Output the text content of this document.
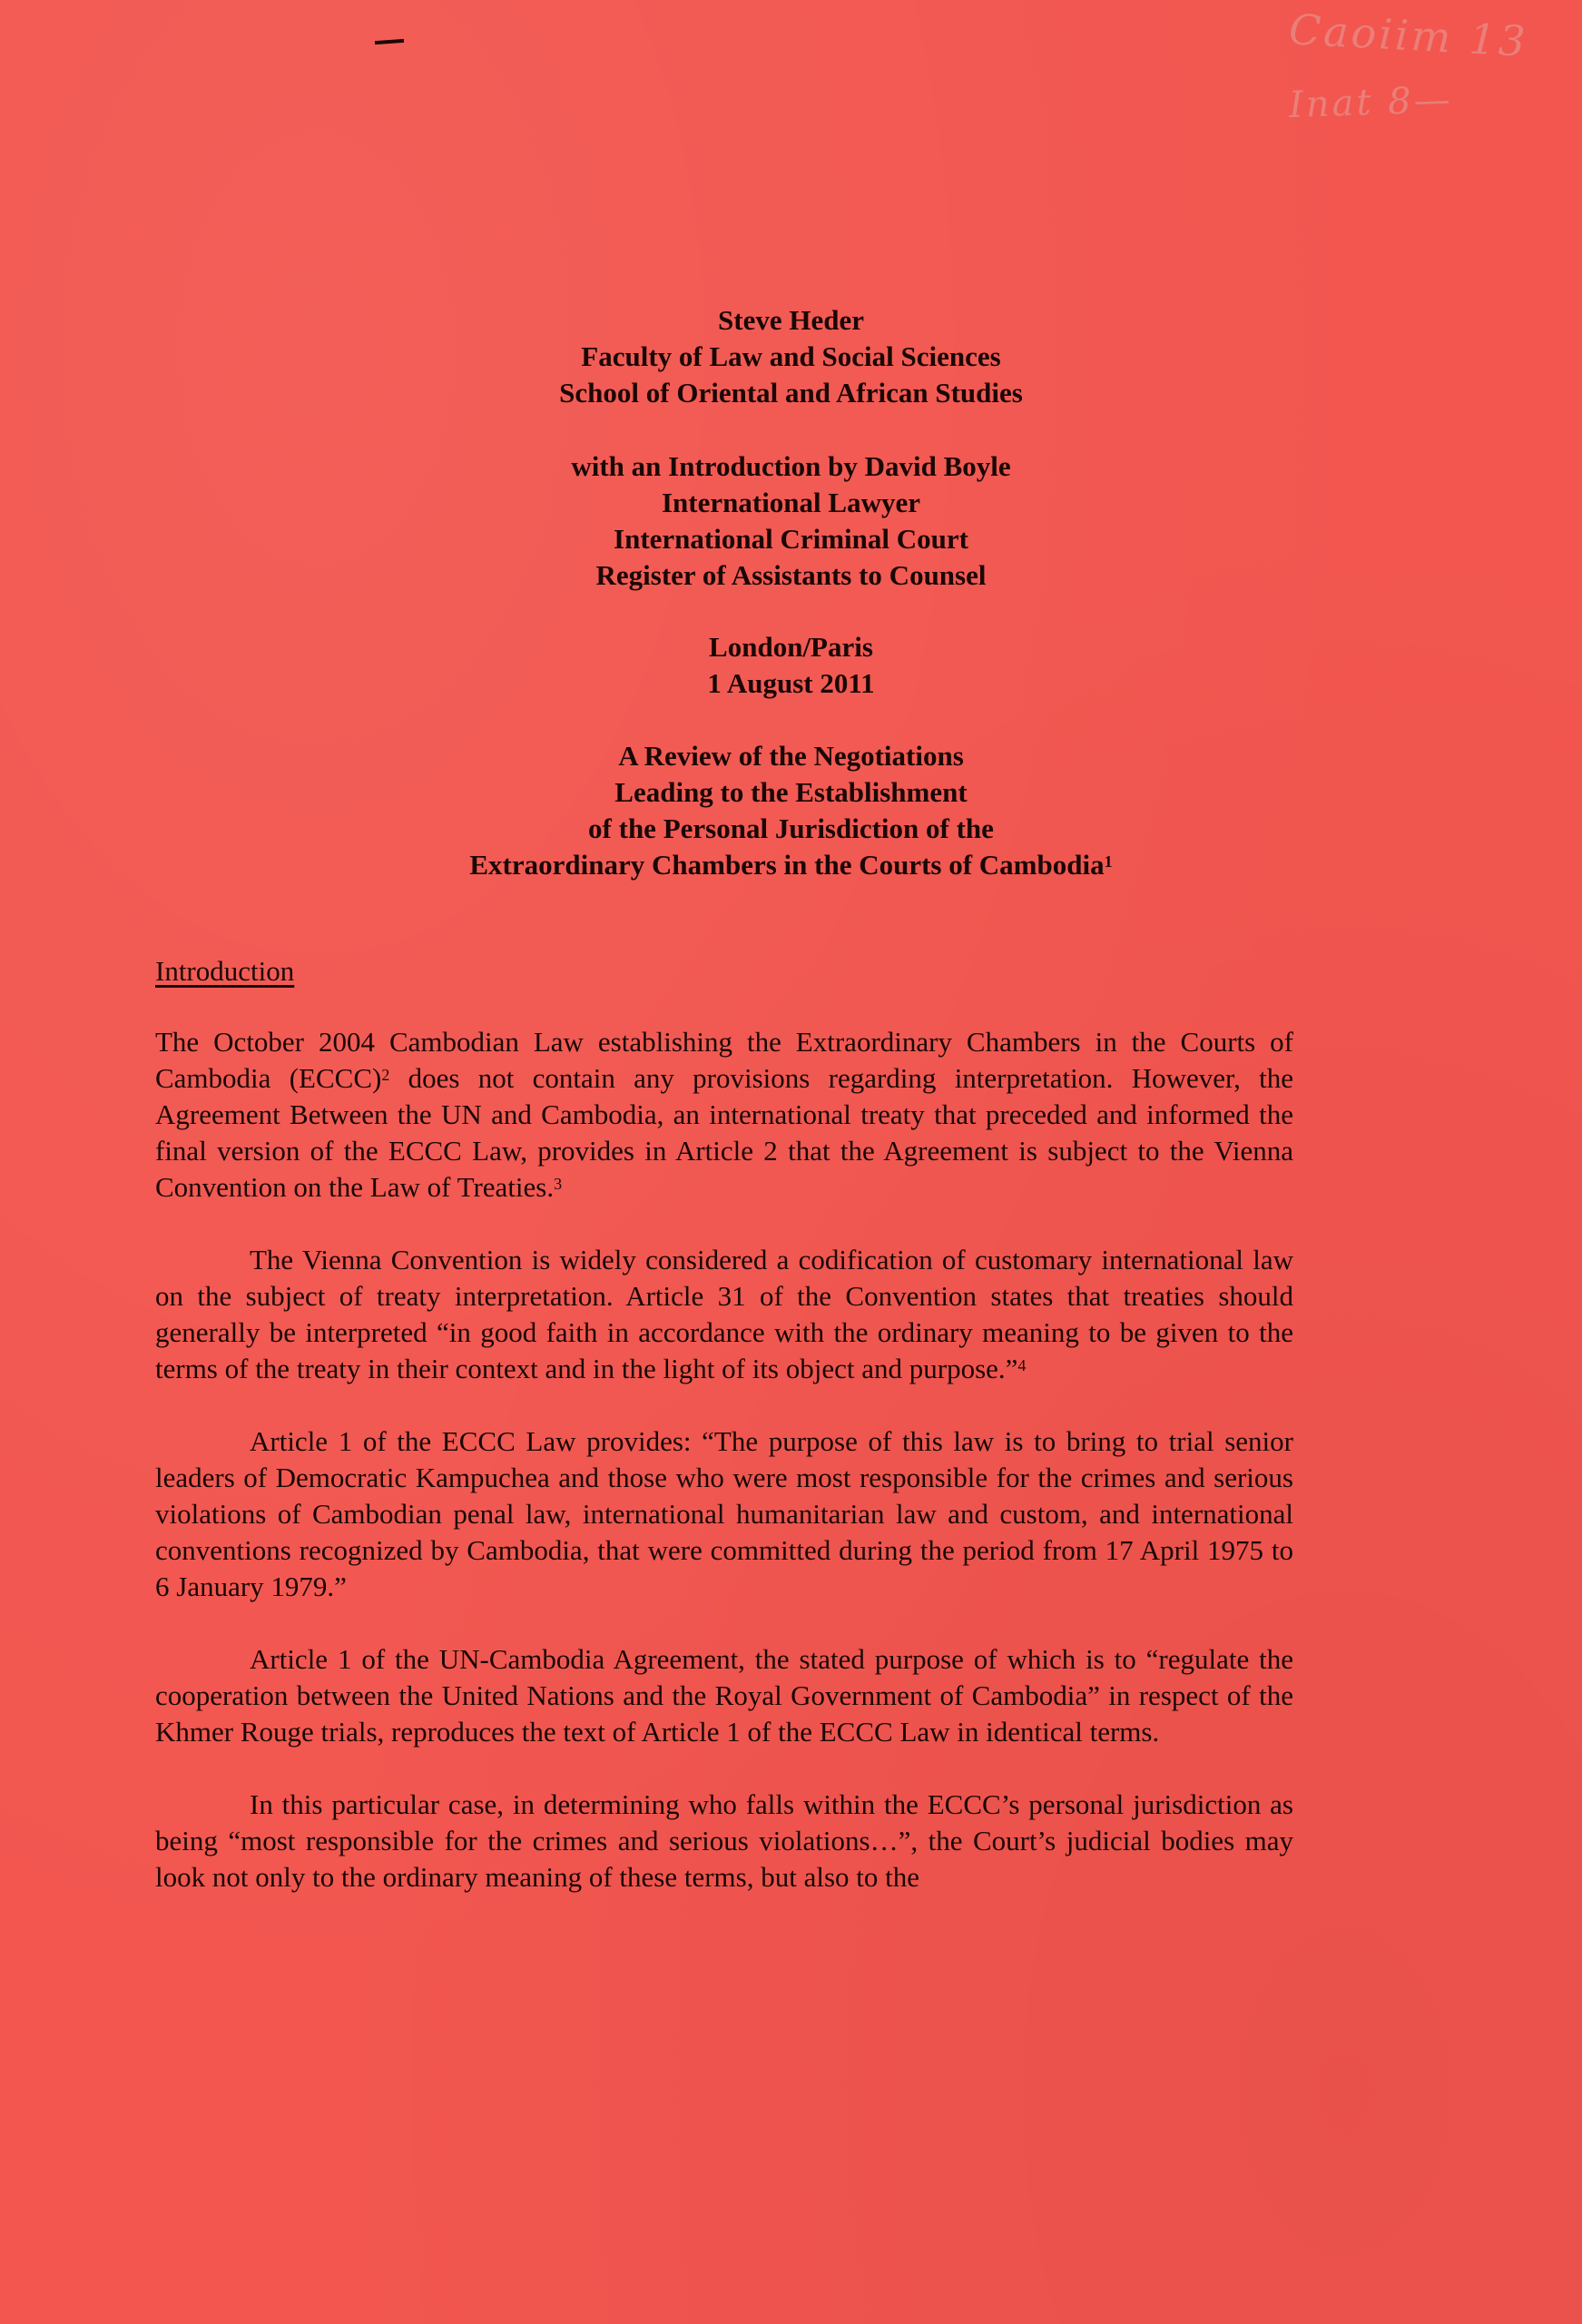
Caoiim 13
Inat 8—
Steve Heder
Faculty of Law and Social Sciences
School of Oriental and African Studies
with an Introduction by David Boyle
International Lawyer
International Criminal Court
Register of Assistants to Counsel
London/Paris
1 August 2011
A Review of the Negotiations
Leading to the Establishment
of the Personal Jurisdiction of the
Extraordinary Chambers in the Courts of Cambodia$^1$
Introduction

The October 2004 Cambodian Law establishing the Extraordinary Chambers in the Courts of Cambodia (ECCC)$^2$ does not contain any provisions regarding interpretation. However, the Agreement Between the UN and Cambodia, an international treaty that preceded and informed the final version of the ECCC Law, provides in Article 2 that the Agreement is subject to the Vienna Convention on the Law of Treaties.$^3$

The Vienna Convention is widely considered a codification of customary international law on the subject of treaty interpretation. Article 31 of the Convention states that treaties should generally be interpreted “in good faith in accordance with the ordinary meaning to be given to the terms of the treaty in their context and in the light of its object and purpose.”$^4$

Article 1 of the ECCC Law provides: “The purpose of this law is to bring to trial senior leaders of Democratic Kampuchea and those who were most responsible for the crimes and serious violations of Cambodian penal law, international humanitarian law and custom, and international conventions recognized by Cambodia, that were committed during the period from 17 April 1975 to 6 January 1979.”

Article 1 of the UN-Cambodia Agreement, the stated purpose of which is to “regulate the cooperation between the United Nations and the Royal Government of Cambodia” in respect of the Khmer Rouge trials, reproduces the text of Article 1 of the ECCC Law in identical terms.

In this particular case, in determining who falls within the ECCC’s personal jurisdiction as being “most responsible for the crimes and serious violations…”, the Court’s judicial bodies may look not only to the ordinary meaning of these terms, but also to the
